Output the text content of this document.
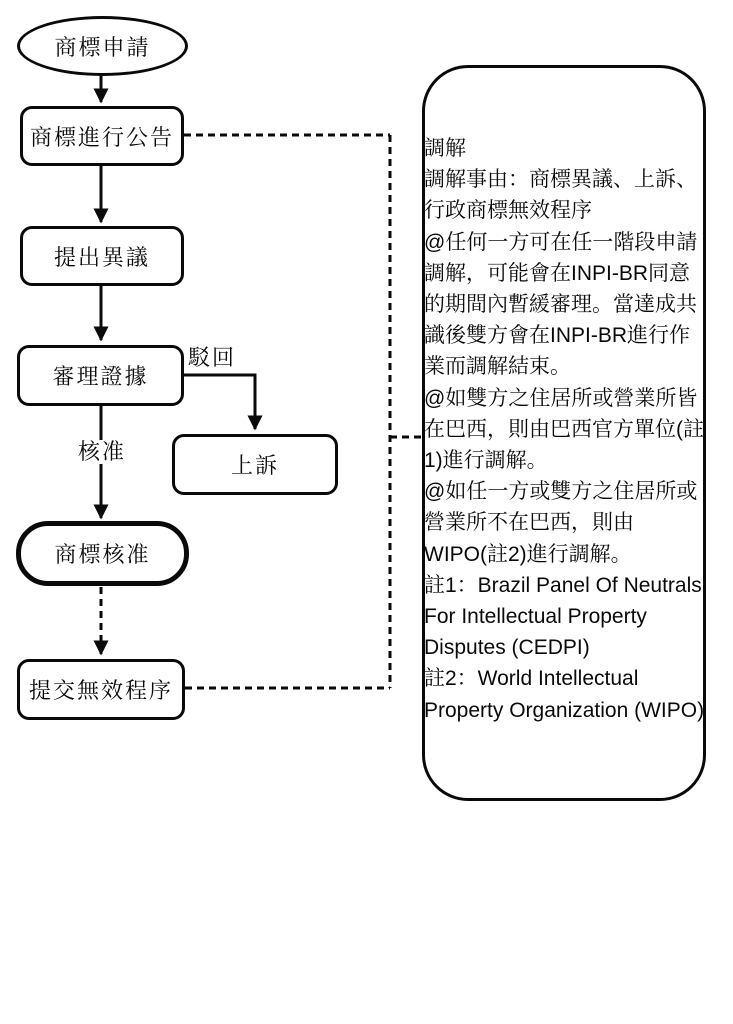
商標申請
商標進行公告
提出異議
審理證據
上訴
商標核准
提交無效程序
駁回
核准
調解
調解事由：商標異議、上訴、
行政商標無效程序
@任何一方可在任一階段申請
調解，可能會在INPI-BR同意
的期間內暫緩審理。當達成共
識後雙方會在INPI-BR進行作
業而調解結束。
@如雙方之住居所或營業所皆
在巴西，則由巴西官方單位(註
1)進行調解。
@如任一方或雙方之住居所或
營業所不在巴西，則由
WIPO(註2)進行調解。
註1：Brazil Panel Of Neutrals
For Intellectual Property
Disputes (CEDPI)
註2：World Intellectual
Property Organization (WIPO)
